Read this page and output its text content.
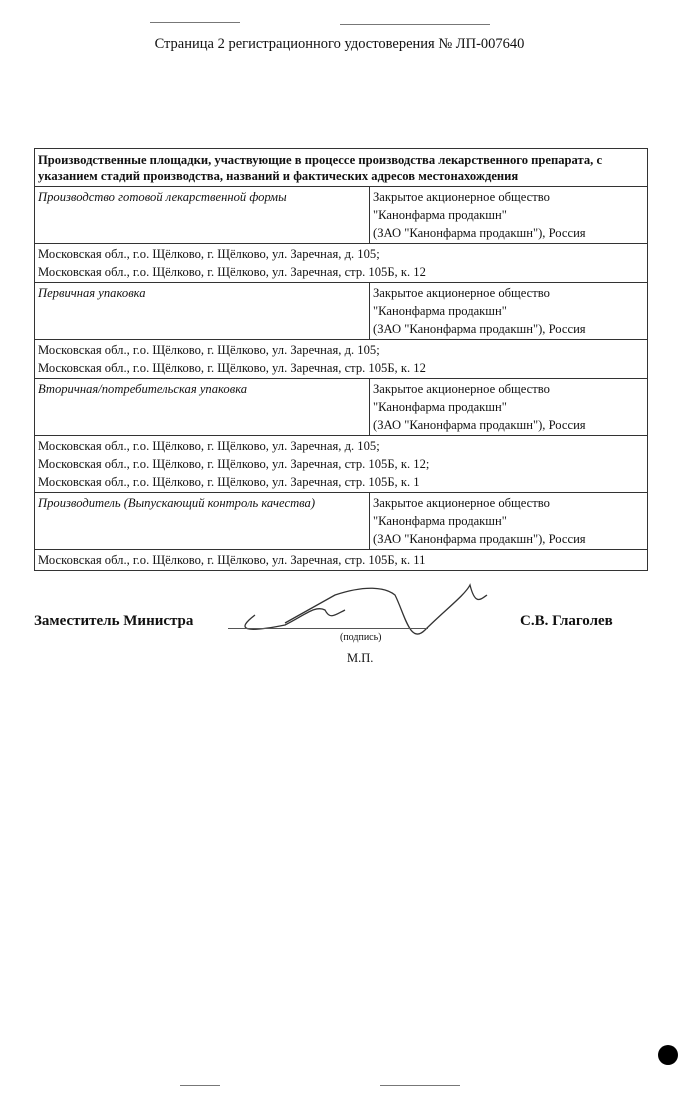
Страница 2 регистрационного удостоверения № ЛП-007640
Производственные площадки, участвующие в процессе производства лекарственного препарата, с указанием стадий производства, названий и фактических адресов местонахождения	
Производство готовой лекарственной формы	Закрытое акционерное общество
"Канонфарма продакшн"
(ЗАО "Канонфарма продакшн"), Россия

Московская обл., г.о. Щёлково, г. Щёлково, ул. Заречная, д. 105;
Московская обл., г.о. Щёлково, г. Щёлково, ул. Заречная, стр. 105Б, к. 12	

Первичная упаковка	Закрытое акционерное общество
"Канонфарма продакшн"
(ЗАО "Канонфарма продакшн"), Россия

Московская обл., г.о. Щёлково, г. Щёлково, ул. Заречная, д. 105;
Московская обл., г.о. Щёлково, г. Щёлково, ул. Заречная, стр. 105Б, к. 12	

Вторичная/потребительская упаковка	Закрытое акционерное общество
"Канонфарма продакшн"
(ЗАО "Канонфарма продакшн"), Россия

Московская обл., г.о. Щёлково, г. Щёлково, ул. Заречная, д. 105;
Московская обл., г.о. Щёлково, г. Щёлково, ул. Заречная, стр. 105Б, к. 12;
Московская обл., г.о. Щёлково, г. Щёлково, ул. Заречная, стр. 105Б, к. 1	

Производитель (Выпускающий контроль качества)	Закрытое акционерное общество
"Канонфарма продакшн"
(ЗАО "Канонфарма продакшн"), Россия

Московская обл., г.о. Щёлково, г. Щёлково, ул. Заречная, стр. 105Б, к. 11	
Заместитель Министра
(подпись)
М.П.
С.В. Глаголев
